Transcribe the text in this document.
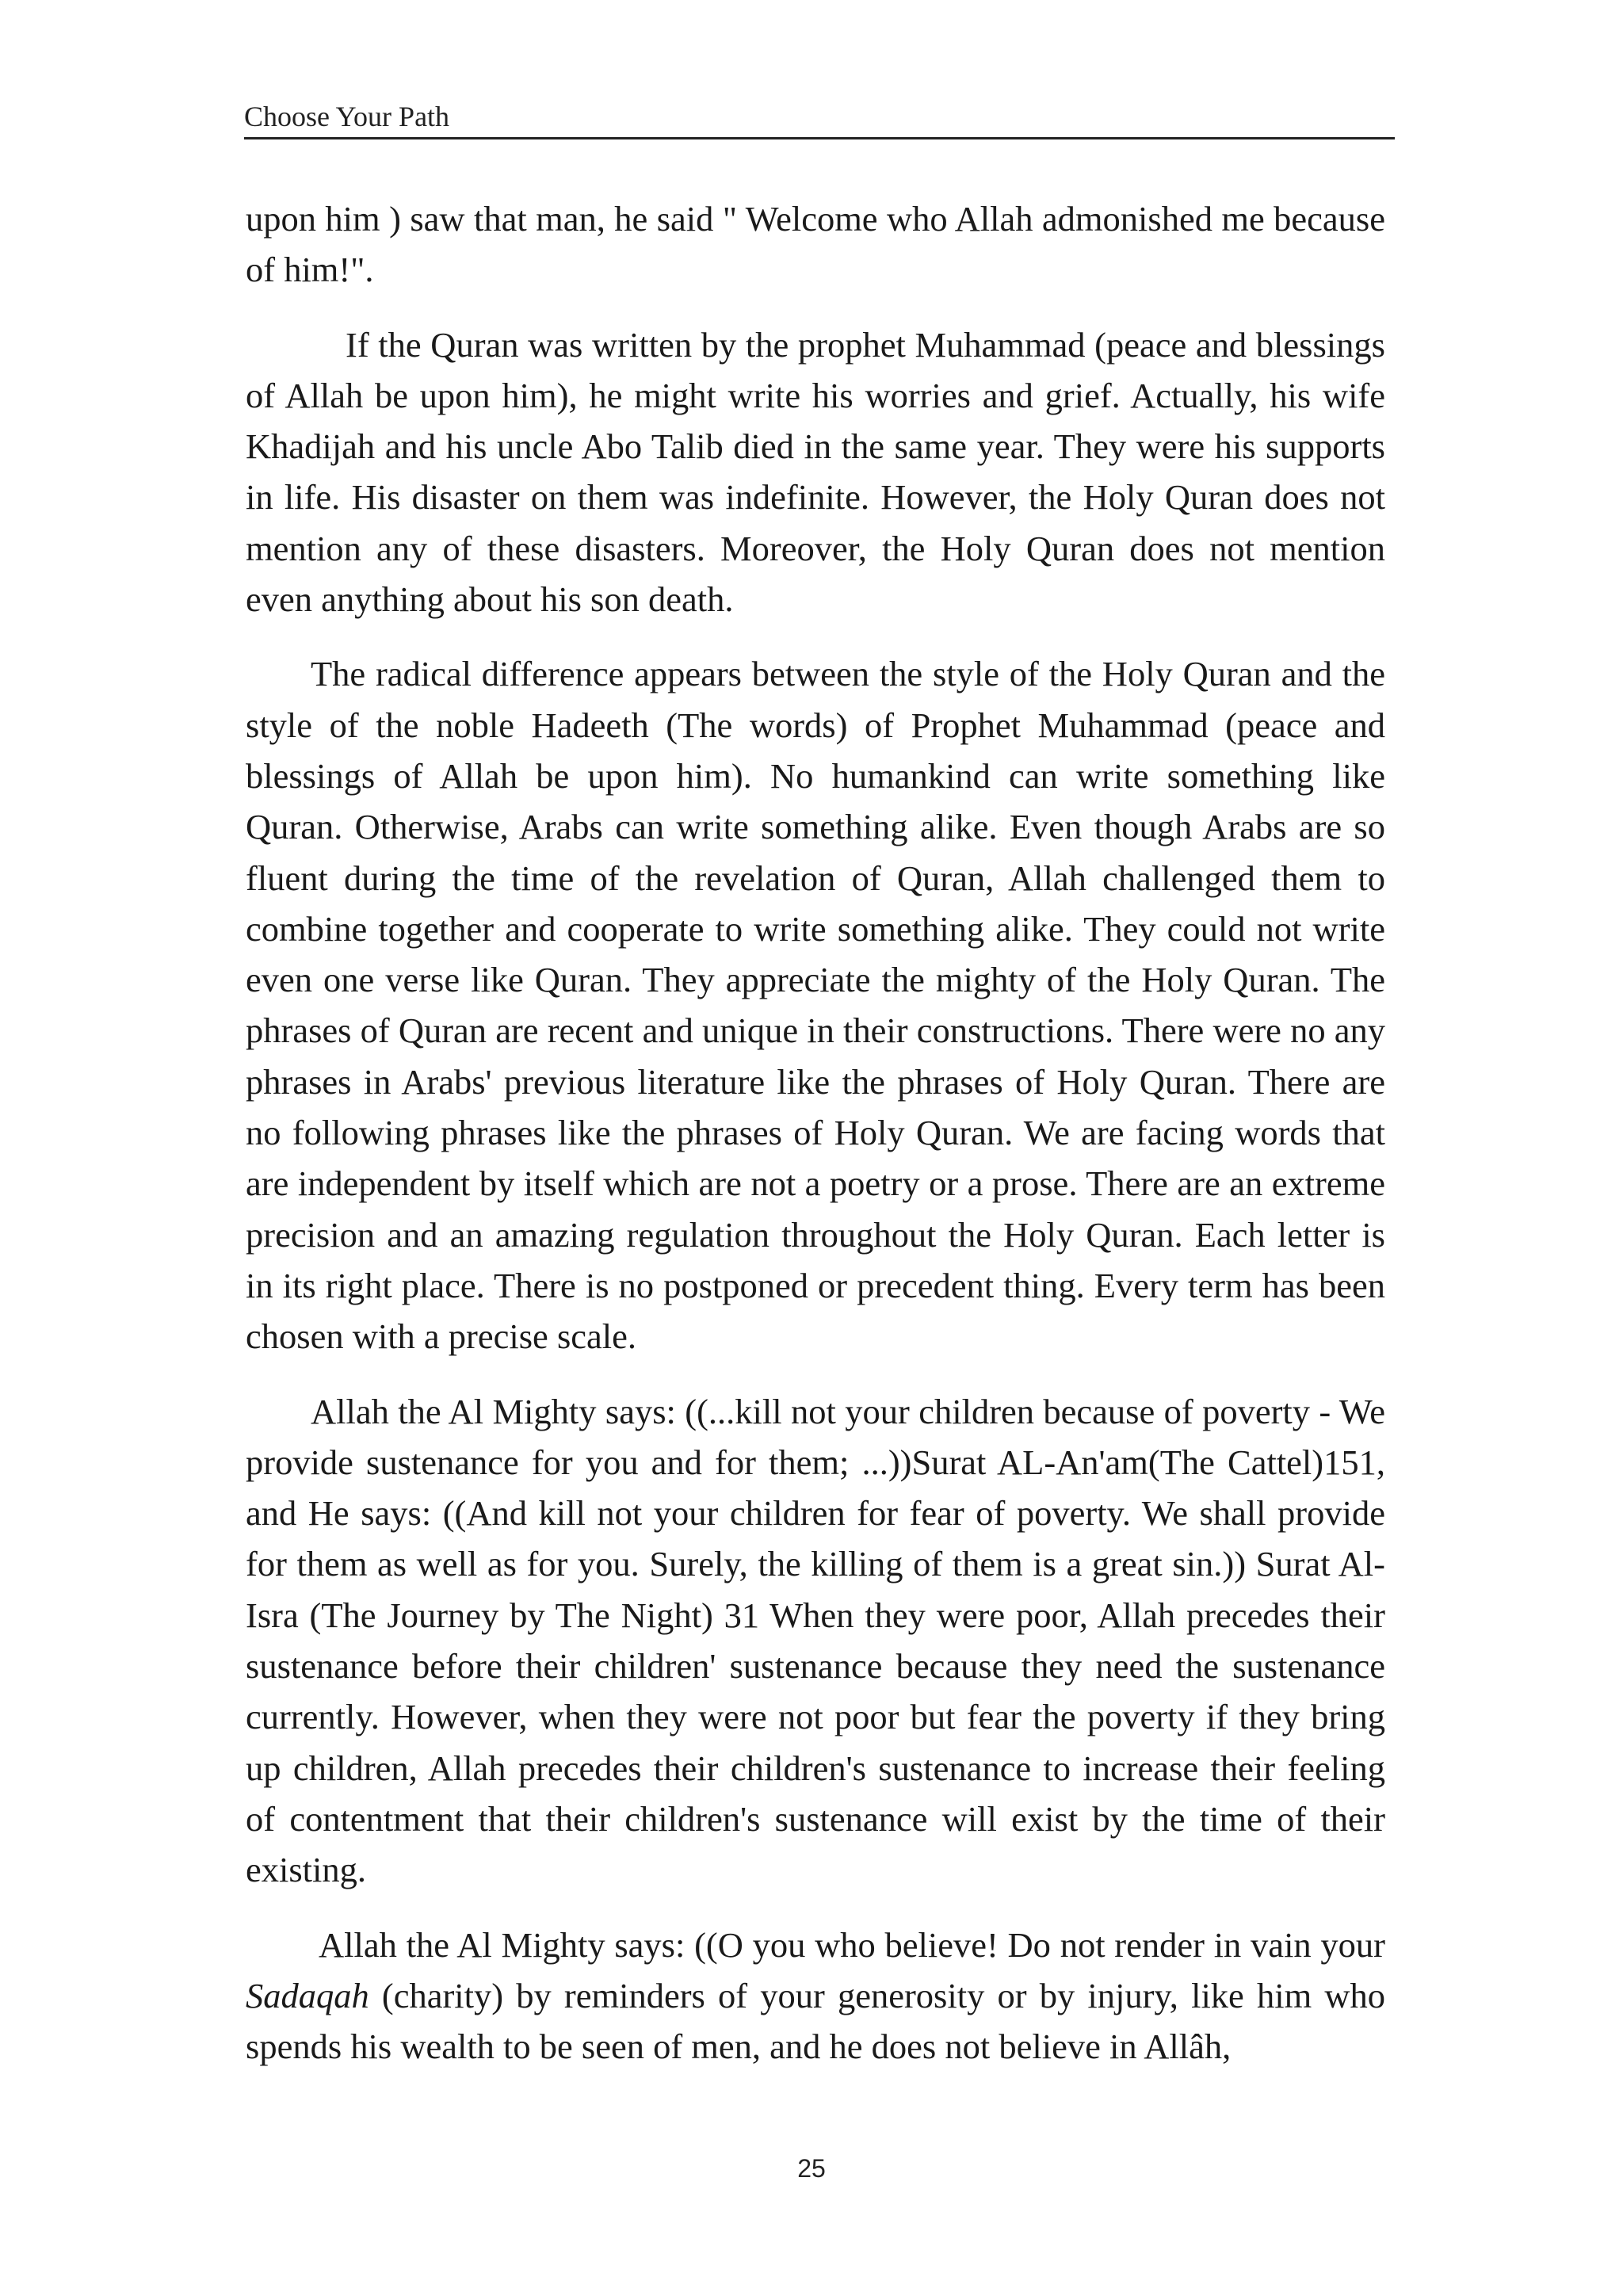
Choose Your Path

upon him ) saw that man, he said " Welcome who Allah admonished me because of him!".

If the Quran was written by the prophet Muhammad (peace and blessings of Allah be upon him), he might write his worries and grief. Actually, his wife Khadijah and his uncle Abo Talib died in the same year. They were his supports in life. His disaster on them was indefinite. However, the Holy Quran does not mention any of these disasters. Moreover, the Holy Quran does not mention even anything about his son death.

The radical difference appears between the style of the Holy Quran and the style of the noble Hadeeth (The words) of Prophet Muhammad (peace and blessings of Allah be upon him). No humankind can write something like Quran. Otherwise, Arabs can write something alike. Even though Arabs are so fluent during the time of the revelation of Quran, Allah challenged them to combine together and cooperate to write something alike. They could not write even one verse like Quran. They appreciate the mighty of the Holy Quran. The phrases of Quran are recent and unique in their constructions. There were no any phrases in Arabs' previous literature like the phrases of Holy Quran. There are no following phrases like the phrases of Holy Quran. We are facing words that are independent by itself which are not a poetry or a prose. There are an extreme precision and an amazing regulation throughout the Holy Quran. Each letter is in its right place. There is no postponed or precedent thing. Every term has been chosen with a precise scale.

Allah the Al Mighty says: ((...kill not your children because of poverty - We provide sustenance for you and for them; ...))Surat AL-An'am(The Cattel)151, and He says: ((And kill not your children for fear of poverty. We shall provide for them as well as for you. Surely, the killing of them is a great sin.)) Surat Al-Isra (The Journey by The Night) 31 When they were poor, Allah precedes their sustenance before their children' sustenance because they need the sustenance currently. However, when they were not poor but fear the poverty if they bring up children, Allah precedes their children's sustenance to increase their feeling of contentment that their children's sustenance will exist by the time of their existing.

Allah the Al Mighty says: ((O you who believe! Do not render in vain your Sadaqah (charity) by reminders of your generosity or by injury, like him who spends his wealth to be seen of men, and he does not believe in Allâh,

25
